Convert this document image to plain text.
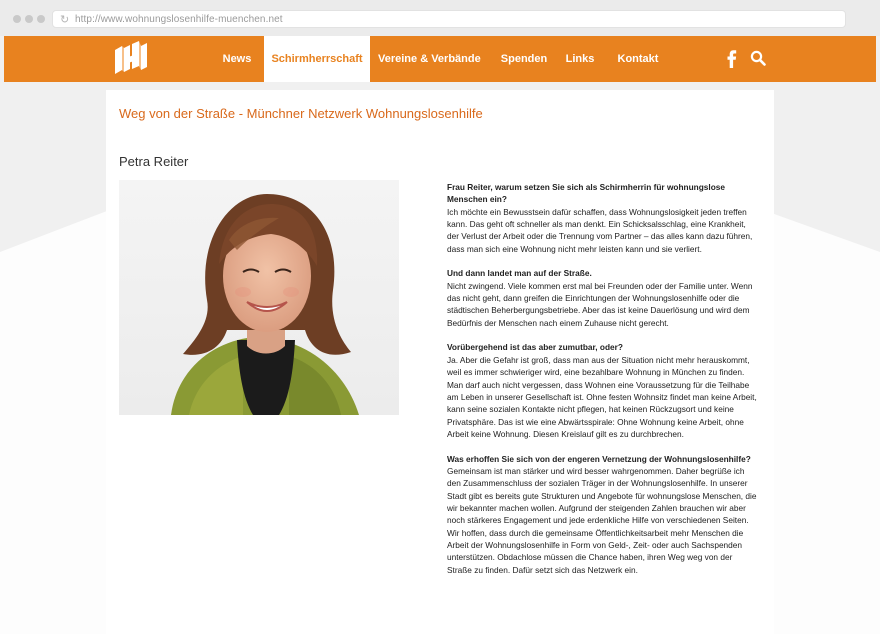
↻ http://www.wohnungslosenhilfe-muenchen.net
News	Schirmherrschaft	Vereine & Verbände	Spenden	Links	Kontakt
Weg von der Straße - Münchner Netzwerk Wohnungslosenhilfe
Petra Reiter

Frau Reiter, warum setzen Sie sich als Schirmherrin für wohnungslose Menschen ein?

Ich möchte ein Bewusstsein dafür schaffen, dass Wohnungslosigkeit jeden treffen kann. Das geht oft schneller als man denkt. Ein Schicksalsschlag, eine Krankheit, der Verlust der Arbeit oder die Trennung vom Partner – das alles kann dazu führen, dass man sich eine Wohnung nicht mehr leisten kann und sie verliert.

Und dann landet man auf der Straße.

Nicht zwingend. Viele kommen erst mal bei Freunden oder der Familie unter. Wenn das nicht geht, dann greifen die Einrichtungen der Wohnungslosenhilfe oder die städtischen Beherbergungsbetriebe. Aber das ist keine Dauerlösung und wird dem Bedürfnis der Menschen nach einem Zuhause nicht gerecht.

Vorübergehend ist das aber zumutbar, oder?

Ja. Aber die Gefahr ist groß, dass man aus der Situation nicht mehr herauskommt, weil es immer schwieriger wird, eine bezahlbare Wohnung in München zu finden. Man darf auch nicht vergessen, dass Wohnen eine Voraussetzung für die Teilhabe am Leben in unserer Gesellschaft ist. Ohne festen Wohnsitz findet man keine Arbeit, kann seine sozialen Kontakte nicht pflegen, hat keinen Rückzugsort und keine Privatsphäre. Das ist wie eine Abwärtsspirale: Ohne Wohnung keine Arbeit, ohne Arbeit keine Wohnung. Diesen Kreislauf gilt es zu durchbrechen.

Was erhoffen Sie sich von der engeren Vernetzung der Wohnungslosenhilfe?

Gemeinsam ist man stärker und wird besser wahrgenommen. Daher begrüße ich den Zusammenschluss der sozialen Träger in der Wohnungslosenhilfe. In unserer Stadt gibt es bereits gute Strukturen und Angebote für wohnungslose Menschen, die wir bekannter machen wollen. Aufgrund der steigenden Zahlen brauchen wir aber noch stärkeres Engagement und jede erdenkliche Hilfe von verschiedenen Seiten. Wir hoffen, dass durch die gemeinsame Öffentlichkeitsarbeit mehr Menschen die Arbeit der Wohnungslosenhilfe in Form von Geld-, Zeit- oder auch Sachspenden unterstützen. Obdachlose müssen die Chance haben, ihren Weg weg von der Straße zu finden. Dafür setzt sich das Netzwerk ein.
